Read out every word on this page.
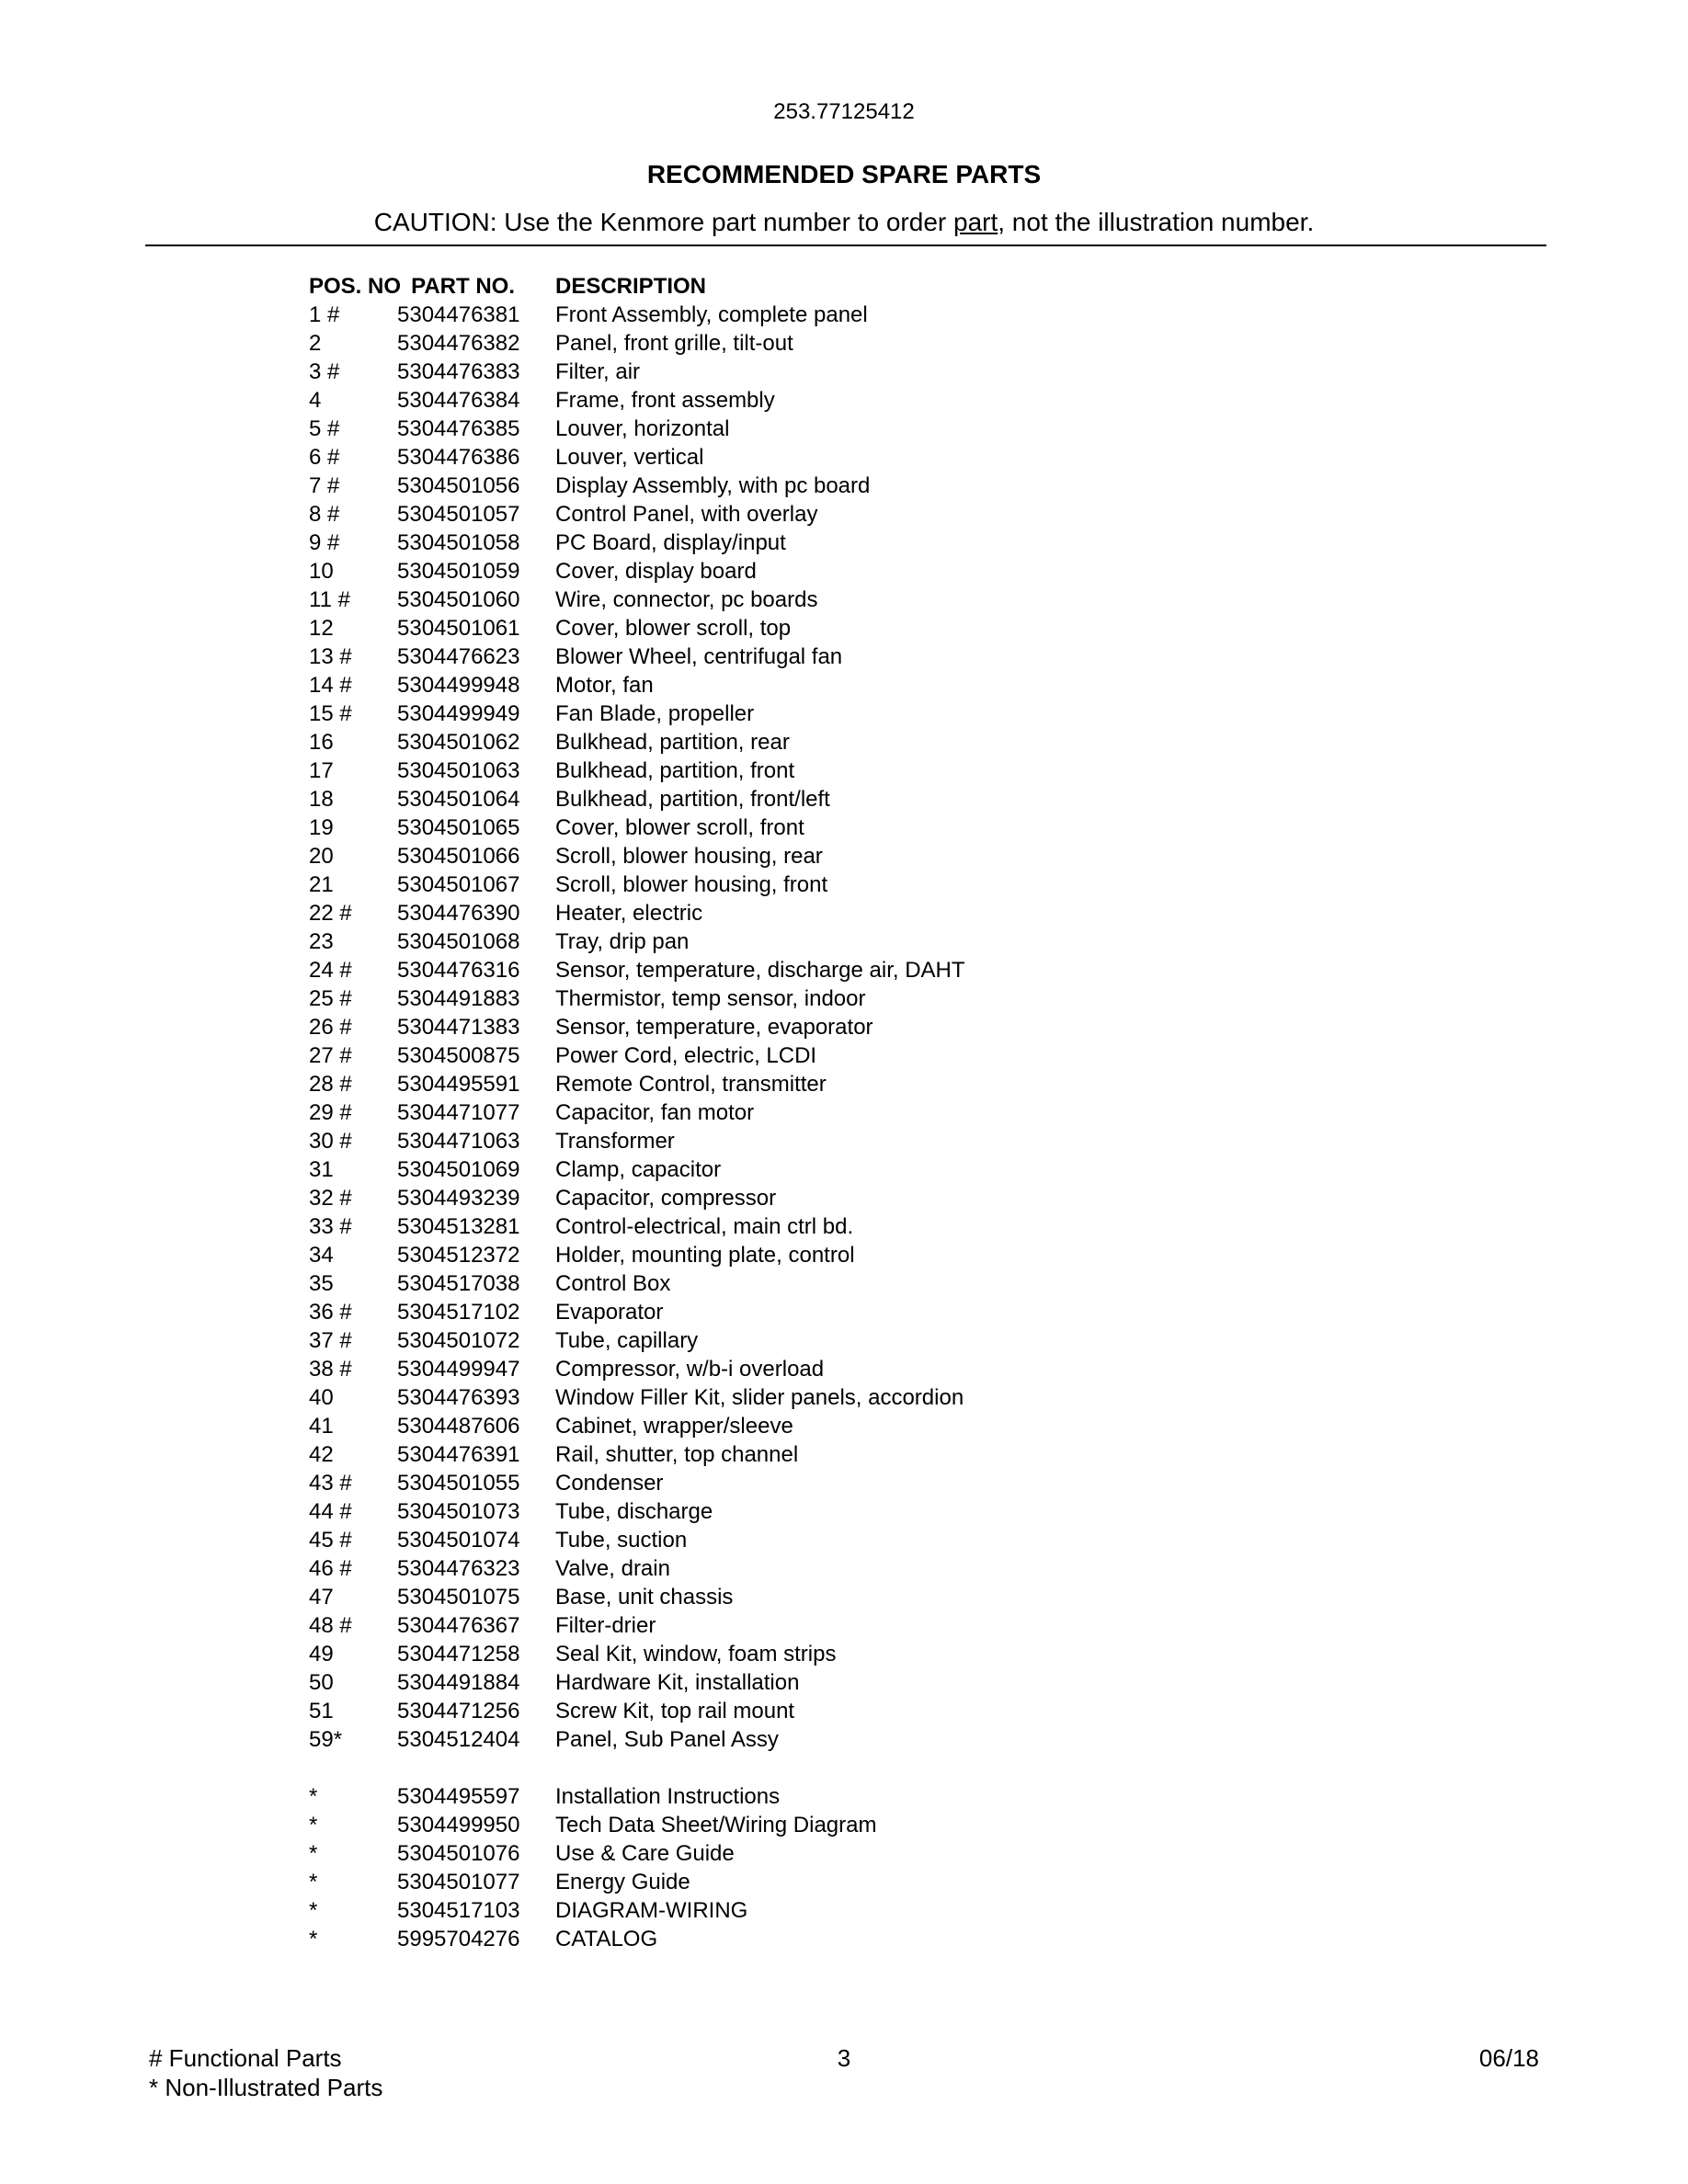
253.77125412
RECOMMENDED SPARE PARTS
CAUTION: Use the Kenmore part number to order part, not the illustration number.
POS. NO PART NO.	DESCRIPTION
1 #	5304476381	Front Assembly, complete panel
2	5304476382	Panel, front grille, tilt-out
3 #	5304476383	Filter, air
4	5304476384	Frame, front assembly
5 #	5304476385	Louver, horizontal
6 #	5304476386	Louver, vertical
7 #	5304501056	Display Assembly, with pc board
8 #	5304501057	Control Panel, with overlay
9 #	5304501058	PC Board, display/input
10	5304501059	Cover, display board
11 #	5304501060	Wire, connector, pc boards
12	5304501061	Cover, blower scroll, top
13 #	5304476623	Blower Wheel, centrifugal fan
14 #	5304499948	Motor, fan
15 #	5304499949	Fan Blade, propeller
16	5304501062	Bulkhead, partition, rear
17	5304501063	Bulkhead, partition, front
18	5304501064	Bulkhead, partition, front/left
19	5304501065	Cover, blower scroll, front
20	5304501066	Scroll, blower housing, rear
21	5304501067	Scroll, blower housing, front
22 #	5304476390	Heater, electric
23	5304501068	Tray, drip pan
24 #	5304476316	Sensor, temperature, discharge air, DAHT
25 #	5304491883	Thermistor, temp sensor, indoor
26 #	5304471383	Sensor, temperature, evaporator
27 #	5304500875	Power Cord, electric, LCDI
28 #	5304495591	Remote Control, transmitter
29 #	5304471077	Capacitor, fan motor
30 #	5304471063	Transformer
31	5304501069	Clamp, capacitor
32 #	5304493239	Capacitor, compressor
33 #	5304513281	Control-electrical, main ctrl bd.
34	5304512372	Holder, mounting plate, control
35	5304517038	Control Box
36 #	5304517102	Evaporator
37 #	5304501072	Tube, capillary
38 #	5304499947	Compressor, w/b-i overload
40	5304476393	Window Filler Kit, slider panels, accordion
41	5304487606	Cabinet, wrapper/sleeve
42	5304476391	Rail, shutter, top channel
43 #	5304501055	Condenser
44 #	5304501073	Tube, discharge
45 #	5304501074	Tube, suction
46 #	5304476323	Valve, drain
47	5304501075	Base, unit chassis
48 #	5304476367	Filter-drier
49	5304471258	Seal Kit, window, foam strips
50	5304491884	Hardware Kit, installation
51	5304471256	Screw Kit, top rail mount
59*	5304512404	Panel, Sub Panel Assy
*	5304495597	Installation Instructions
*	5304499950	Tech Data Sheet/Wiring Diagram
*	5304501076	Use & Care Guide
*	5304501077	Energy Guide
*	5304517103	DIAGRAM-WIRING
*	5995704276	CATALOG
# Functional Parts
* Non-Illustrated Parts
3	06/18
